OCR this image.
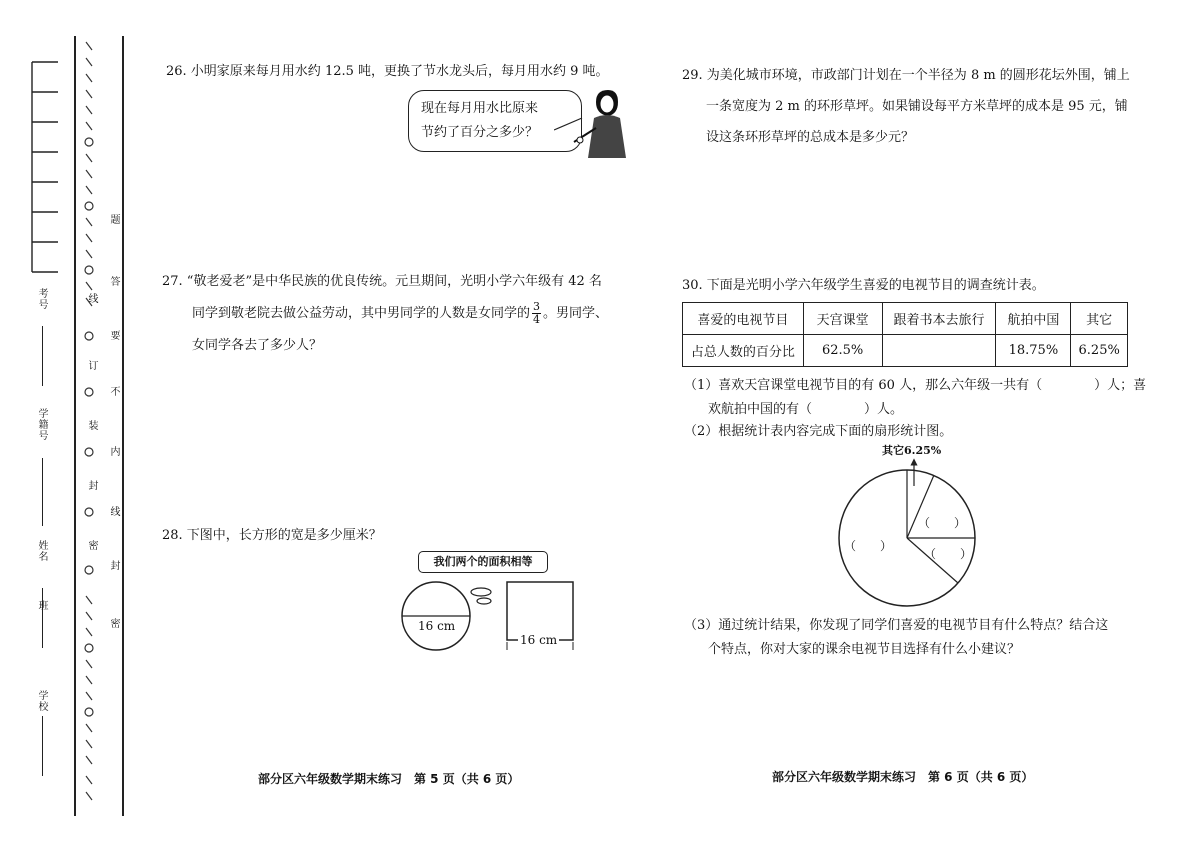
考号
学籍号
姓名
班
学校
线
订
装
封
密
题
答
要
不
内
线
封
密
26. 小明家原来每月用水约 12.5 吨，更换了节水龙头后，每月用水约 9 吨。
现在每月用水比原来
节约了百分之多少？
27. “敬老爱老”是中华民族的优良传统。元旦期间，光明小学六年级有 42 名
同学到敬老院去做公益劳动，其中男同学的人数是女同学的 $\frac{3}{4}$ 。男同学、
女同学各去了多少人？
28. 下图中，长方形的宽是多少厘米？
我们两个的面积相等
16 cm
16 cm
部分区六年级数学期末练习　第 5 页（共 6 页）
29. 为美化城市环境，市政部门计划在一个半径为 8 m 的圆形花坛外围，铺上
一条宽度为 2 m 的环形草坪。如果铺设每平方米草坪的成本是 95 元，铺
设这条环形草坪的总成本是多少元？
30. 下面是光明小学六年级学生喜爱的电视节目的调查统计表。
喜爱的电视节目	天宫课堂	跟着书本去旅行	航拍中国	其它
占总人数的百分比	62.5%		18.75%	6.25%
（1）喜欢天宫课堂电视节目的有 60 人，那么六年级一共有（　　　　）人；喜
欢航拍中国的有（　　　　）人。
（2）根据统计表内容完成下面的扇形统计图。
其它6.25%
（　　）
（　　）
（　　）
（3）通过统计结果，你发现了同学们喜爱的电视节目有什么特点？结合这
个特点，你对大家的课余电视节目选择有什么小建议？
部分区六年级数学期末练习　第 6 页（共 6 页）
